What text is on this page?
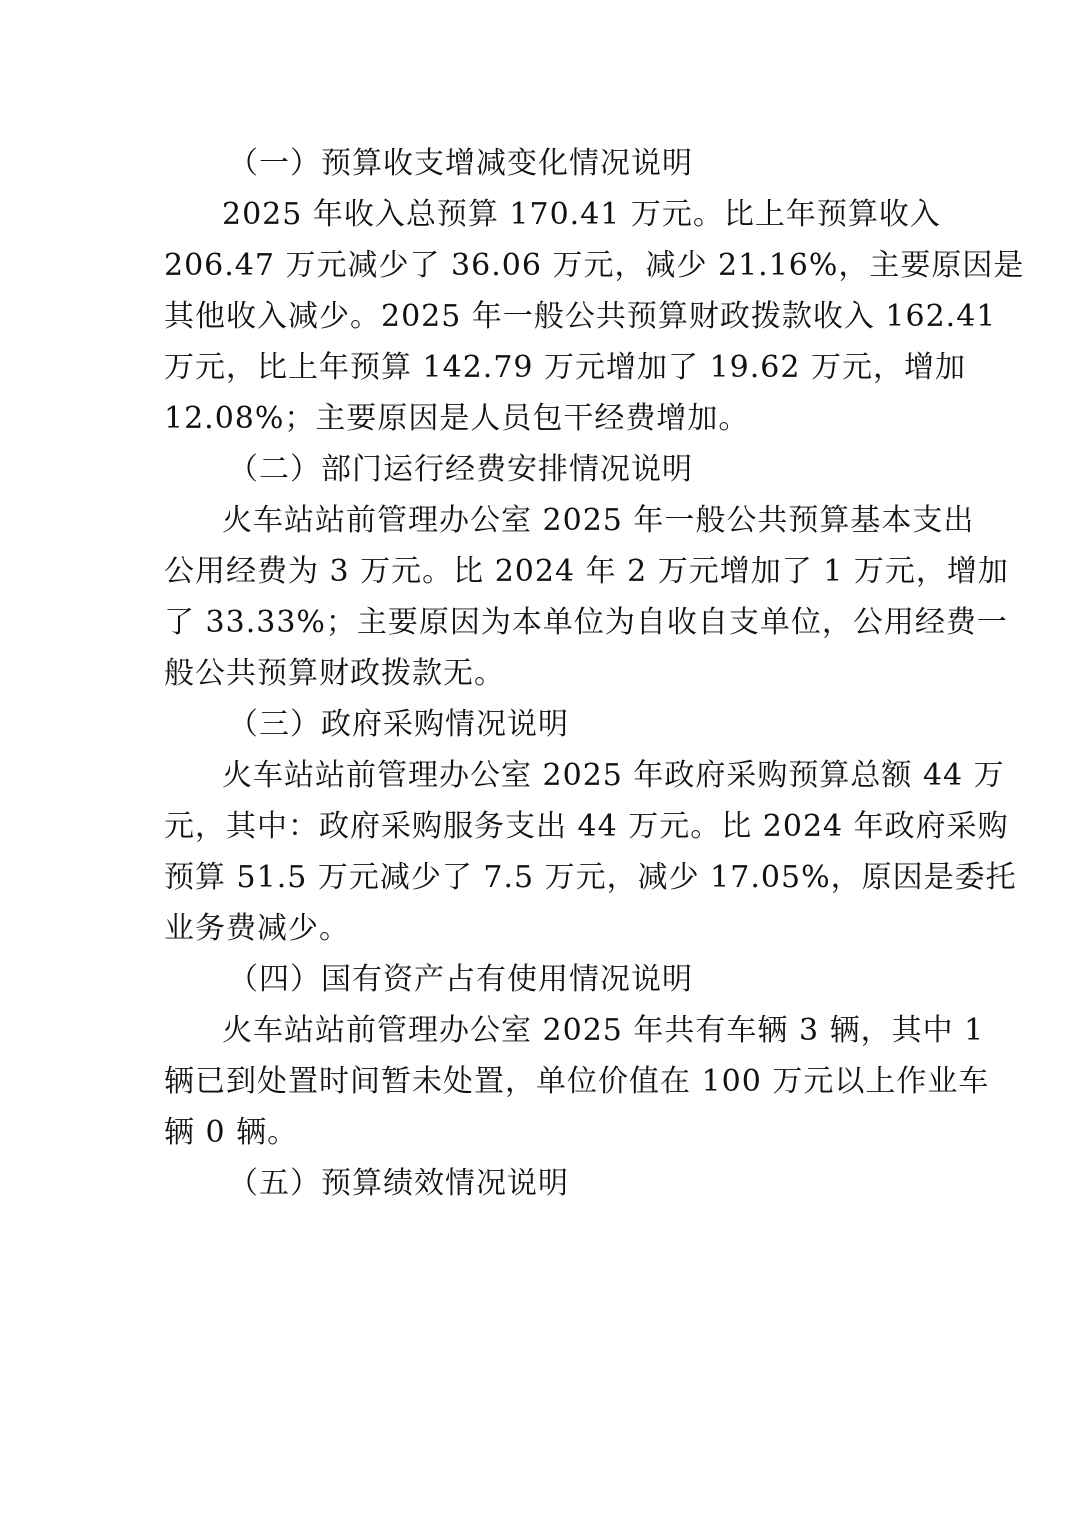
（一）预算收支增减变化情况说明
2025 年收入总预算 170.41 万元。比上年预算收入
206.47 万元减少了 36.06 万元，减少 21.16%，主要原因是
其他收入减少。2025 年一般公共预算财政拨款收入 162.41
万元，比上年预算 142.79 万元增加了 19.62 万元，增加
12.08%；主要原因是人员包干经费增加。
（二）部门运行经费安排情况说明
火车站站前管理办公室 2025 年一般公共预算基本支出
公用经费为 3 万元。比 2024 年 2 万元增加了 1 万元，增加
了 33.33%；主要原因为本单位为自收自支单位，公用经费一
般公共预算财政拨款无。
（三）政府采购情况说明
火车站站前管理办公室 2025 年政府采购预算总额 44 万
元，其中：政府采购服务支出 44 万元。比 2024 年政府采购
预算 51.5 万元减少了 7.5 万元，减少 17.05%，原因是委托
业务费减少。
（四）国有资产占有使用情况说明
火车站站前管理办公室 2025 年共有车辆 3 辆，其中 1
辆已到处置时间暂未处置，单位价值在 100 万元以上作业车
辆 0 辆。
（五）预算绩效情况说明
